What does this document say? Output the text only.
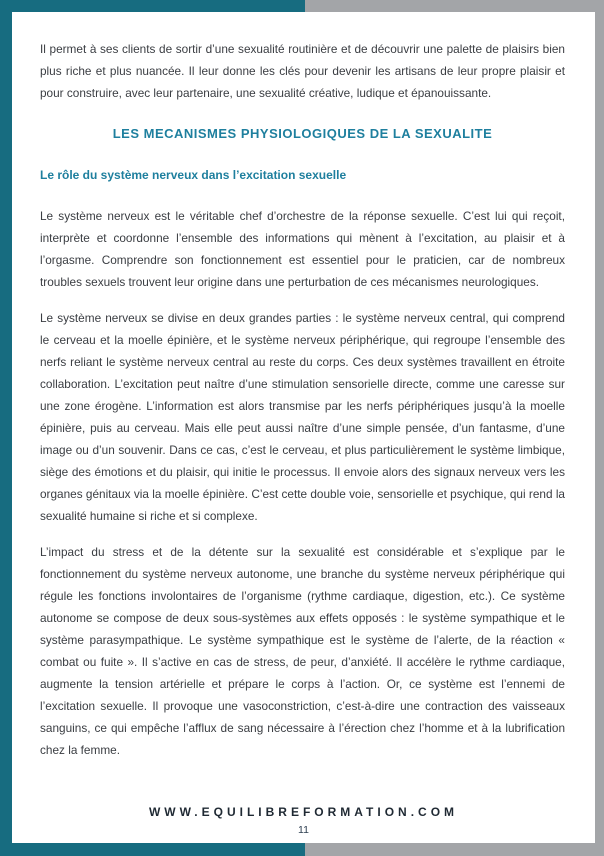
Il permet à ses clients de sortir d’une sexualité routinière et de découvrir une palette de plaisirs bien plus riche et plus nuancée. Il leur donne les clés pour devenir les artisans de leur propre plaisir et pour construire, avec leur partenaire, une sexualité créative, ludique et épanouissante.

LES MECANISMES PHYSIOLOGIQUES DE LA SEXUALITE
Le rôle du système nerveux dans l’excitation sexuelle

Le système nerveux est le véritable chef d’orchestre de la réponse sexuelle. C’est lui qui reçoit, interprète et coordonne l’ensemble des informations qui mènent à l’excitation, au plaisir et à l’orgasme. Comprendre son fonctionnement est essentiel pour le praticien, car de nombreux troubles sexuels trouvent leur origine dans une perturbation de ces mécanismes neurologiques.

Le système nerveux se divise en deux grandes parties : le système nerveux central, qui comprend le cerveau et la moelle épinière, et le système nerveux périphérique, qui regroupe l’ensemble des nerfs reliant le système nerveux central au reste du corps. Ces deux systèmes travaillent en étroite collaboration. L’excitation peut naître d’une stimulation sensorielle directe, comme une caresse sur une zone érogène. L’information est alors transmise par les nerfs périphériques jusqu’à la moelle épinière, puis au cerveau. Mais elle peut aussi naître d’une simple pensée, d’un fantasme, d’une image ou d’un souvenir. Dans ce cas, c’est le cerveau, et plus particulièrement le système limbique, siège des émotions et du plaisir, qui initie le processus. Il envoie alors des signaux nerveux vers les organes génitaux via la moelle épinière. C’est cette double voie, sensorielle et psychique, qui rend la sexualité humaine si riche et si complexe.

L’impact du stress et de la détente sur la sexualité est considérable et s’explique par le fonctionnement du système nerveux autonome, une branche du système nerveux périphérique qui régule les fonctions involontaires de l’organisme (rythme cardiaque, digestion, etc.). Ce système autonome se compose de deux sous-systèmes aux effets opposés : le système sympathique et le système parasympathique. Le système sympathique est le système de l’alerte, de la réaction « combat ou fuite ». Il s’active en cas de stress, de peur, d’anxiété. Il accélère le rythme cardiaque, augmente la tension artérielle et prépare le corps à l’action. Or, ce système est l’ennemi de l’excitation sexuelle. Il provoque une vasoconstriction, c’est-à-dire une contraction des vaisseaux sanguins, ce qui empêche l’afflux de sang nécessaire à l’érection chez l’homme et à la lubrification chez la femme.

WWW.EQUILIBREFORMATION.COM
11
